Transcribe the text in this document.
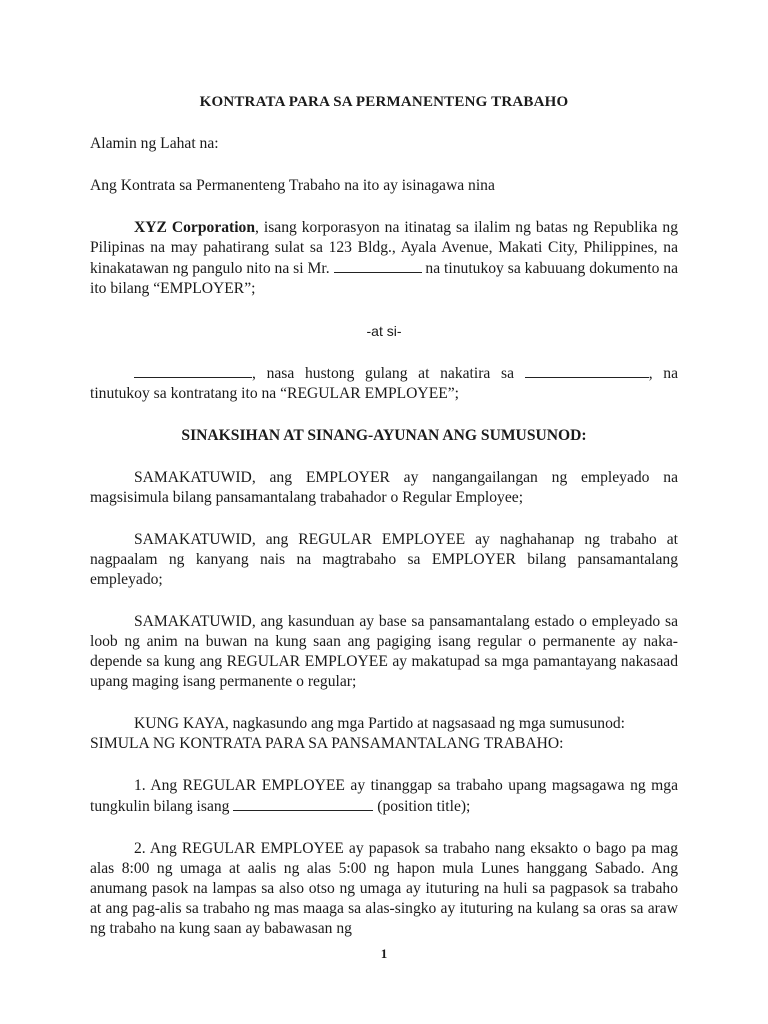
KONTRATA PARA SA PERMANENTENG TRABAHO

Alamin ng Lahat na:

Ang Kontrata sa Permanenteng Trabaho na ito ay isinagawa nina

XYZ Corporation, isang korporasyon na itinatag sa ilalim ng batas ng Republika ng Pilipinas na may pahatirang sulat sa 123 Bldg., Ayala Avenue, Makati City, Philippines, na kinakatawan ng pangulo nito na si Mr.	na tinutukoy sa kabuuang dokumento na ito bilang “EMPLOYER”;

-at si-

, nasa hustong gulang at nakatira sa	, na tinutukoy sa kontratang ito na “REGULAR EMPLOYEE”;

SINAKSIHAN AT SINANG-AYUNAN ANG SUMUSUNOD:

SAMAKATUWID, ang EMPLOYER ay nangangailangan ng empleyado na magsisimula bilang pansamantalang trabahador o Regular Employee;

SAMAKATUWID, ang REGULAR EMPLOYEE ay naghahanap ng trabaho at nagpaalam ng kanyang nais na magtrabaho sa EMPLOYER bilang pansamantalang empleyado;

SAMAKATUWID, ang kasunduan ay base sa pansamantalang estado o empleyado sa loob ng anim na buwan na kung saan ang pagiging isang regular o permanente ay naka-depende sa kung ang REGULAR EMPLOYEE ay makatupad sa mga pamantayang nakasaad upang maging isang permanente o regular;

KUNG KAYA, nagkasundo ang mga Partido at nagsasaad ng mga sumusunod:

SIMULA NG KONTRATA PARA SA PANSAMANTALANG TRABAHO:

1. Ang REGULAR EMPLOYEE ay tinanggap sa trabaho upang magsagawa ng mga tungkulin bilang isang	(position title);

2. Ang REGULAR EMPLOYEE ay papasok sa trabaho nang eksakto o bago pa mag alas 8:00 ng umaga at aalis ng alas 5:00 ng hapon mula Lunes hanggang Sabado. Ang anumang pasok na lampas sa also otso ng umaga ay ituturing na huli sa pagpasok sa trabaho at ang pag-alis sa trabaho ng mas maaga sa alas-singko ay ituturing na kulang sa oras sa araw ng trabaho na kung saan ay babawasan ng

1
